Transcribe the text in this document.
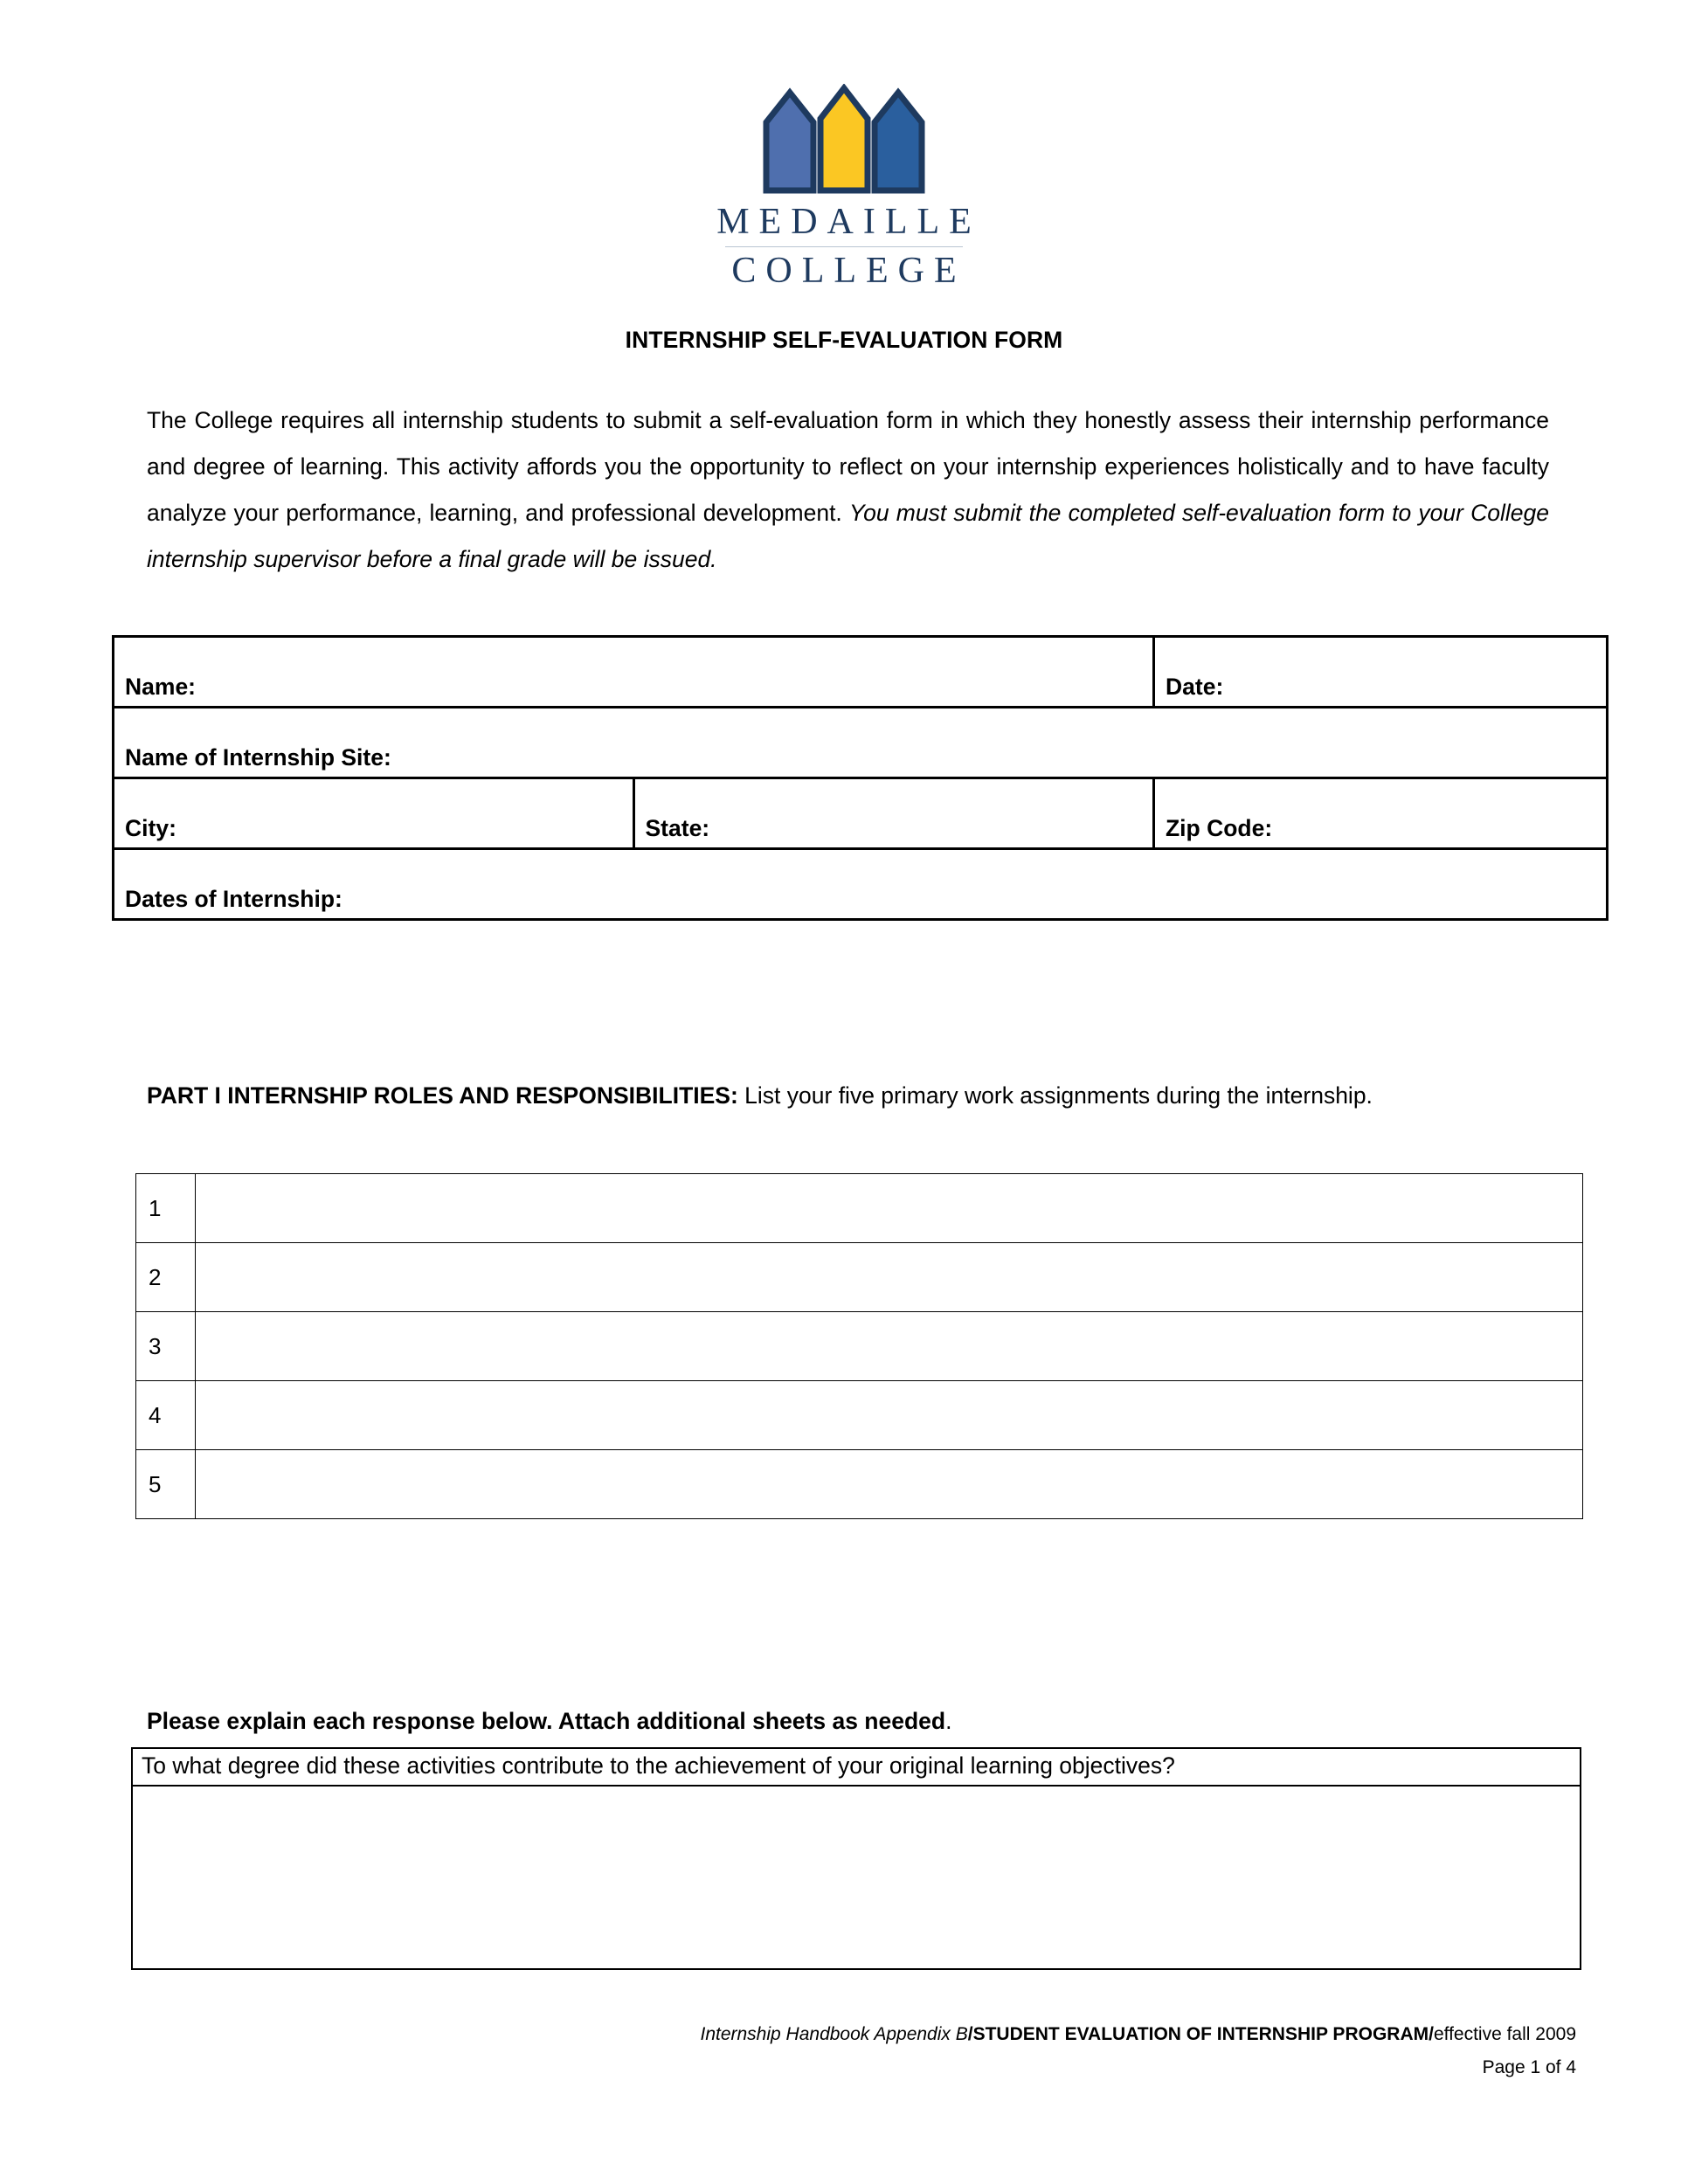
MEDAILLE
COLLEGE
INTERNSHIP SELF-EVALUATION FORM
The College requires all internship students to submit a self-evaluation form in which they honestly assess their internship performance and degree of learning. This activity affords you the opportunity to reflect on your internship experiences holistically and to have faculty analyze your performance, learning, and professional development. You must submit the completed self-evaluation form to your College internship supervisor before a final grade will be issued.
Name:		Date:
Name of Internship Site:		
City:	State:	Zip Code:
Dates of Internship:		
PART I INTERNSHIP ROLES AND RESPONSIBILITIES: List your five primary work assignments during the internship.
1	
2	
3	
4	
5	
Please explain each response below. Attach additional sheets as needed.
To what degree did these activities contribute to the achievement of your original learning objectives?
Internship Handbook Appendix B/STUDENT EVALUATION OF INTERNSHIP PROGRAM/effective fall 2009
Page 1 of 4
